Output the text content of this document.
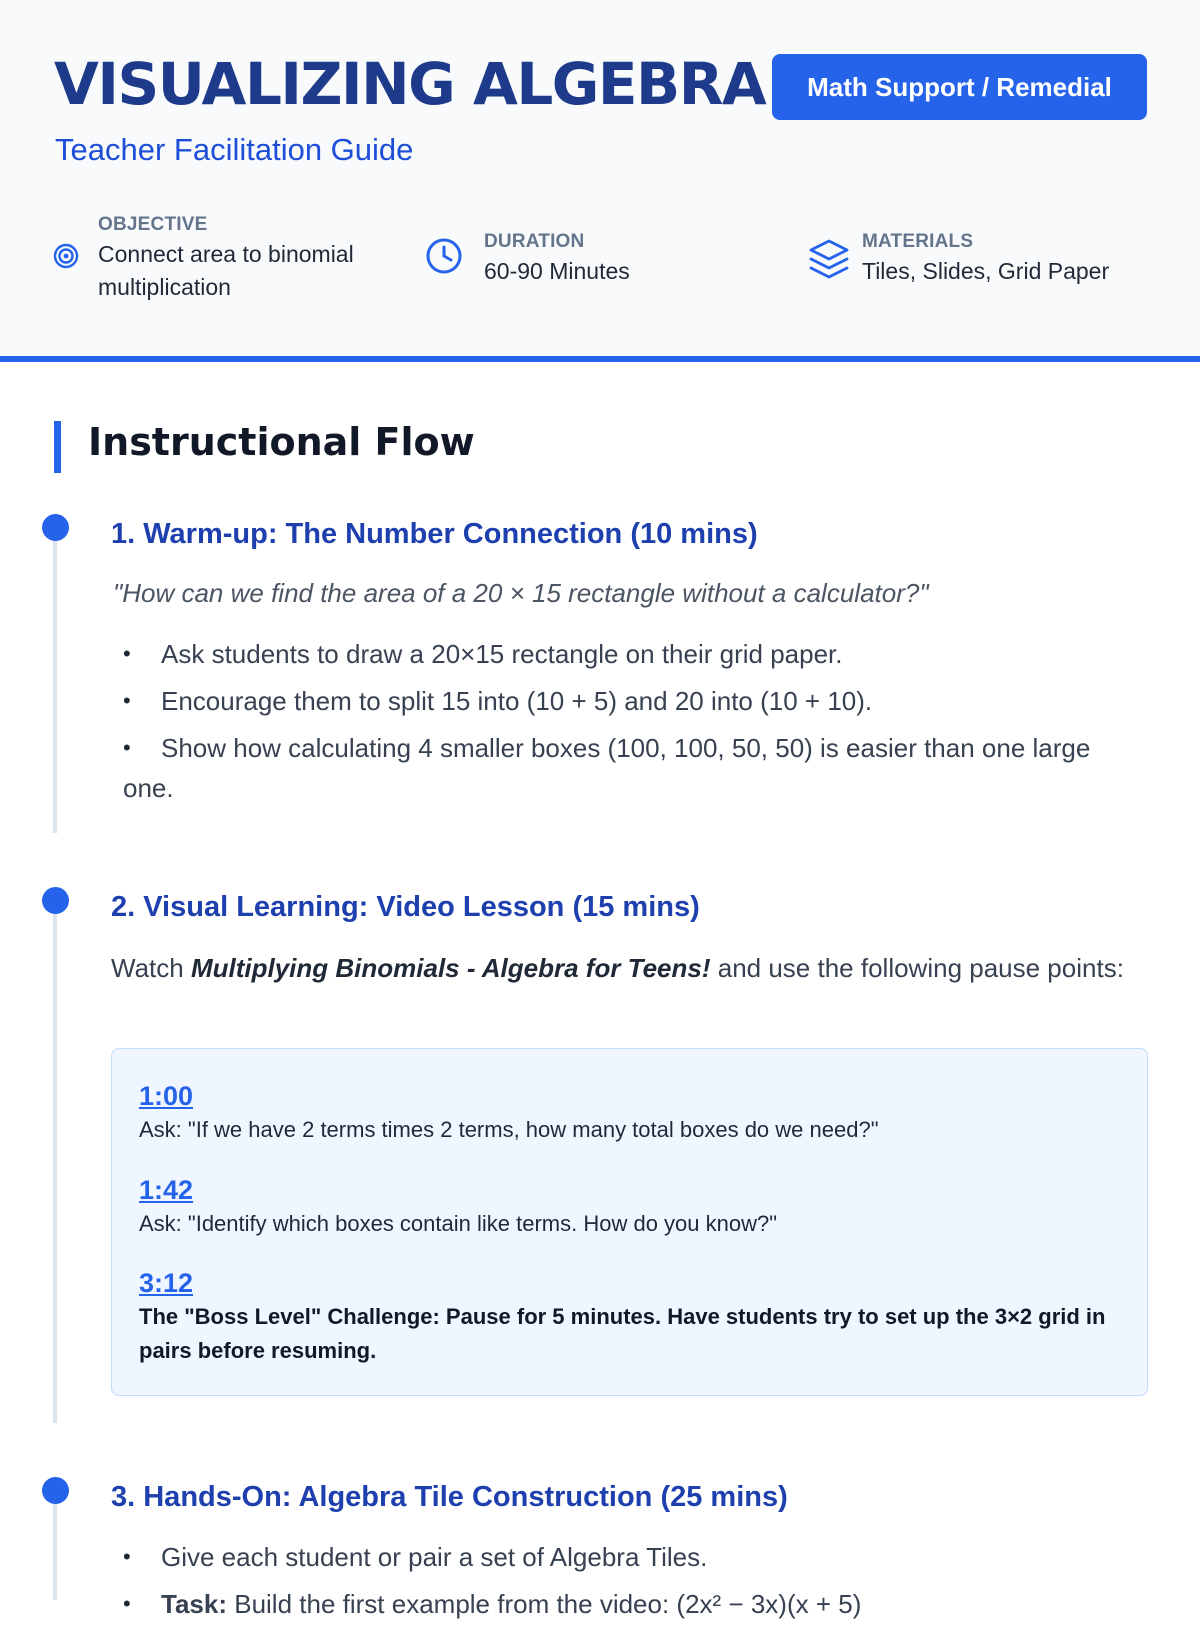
VISUALIZING ALGEBRA	Math Support / Remedial
Teacher Facilitation Guide
OBJECTIVE
Connect area to binomial multiplication
DURATION
60-90 Minutes
MATERIALS
Tiles, Slides, Grid Paper
Instructional Flow
1. Warm-up: The Number Connection (10 mins)
"How can we find the area of a 20 × 15 rectangle without a calculator?"
• Ask students to draw a 20×15 rectangle on their grid paper.
• Encourage them to split 15 into (10 + 5) and 20 into (10 + 10).
• Show how calculating 4 smaller boxes (100, 100, 50, 50) is easier than one large one.
2. Visual Learning: Video Lesson (15 mins)
Watch Multiplying Binomials - Algebra for Teens! and use the following pause points:
1:00
Ask: "If we have 2 terms times 2 terms, how many total boxes do we need?"
1:42
Ask: "Identify which boxes contain like terms. How do you know?"
3:12
The "Boss Level" Challenge: Pause for 5 minutes. Have students try to set up the 3×2 grid in pairs before resuming.
3. Hands-On: Algebra Tile Construction (25 mins)
• Give each student or pair a set of Algebra Tiles.
• Task: Build the first example from the video: (2x² − 3x)(x + 5)
